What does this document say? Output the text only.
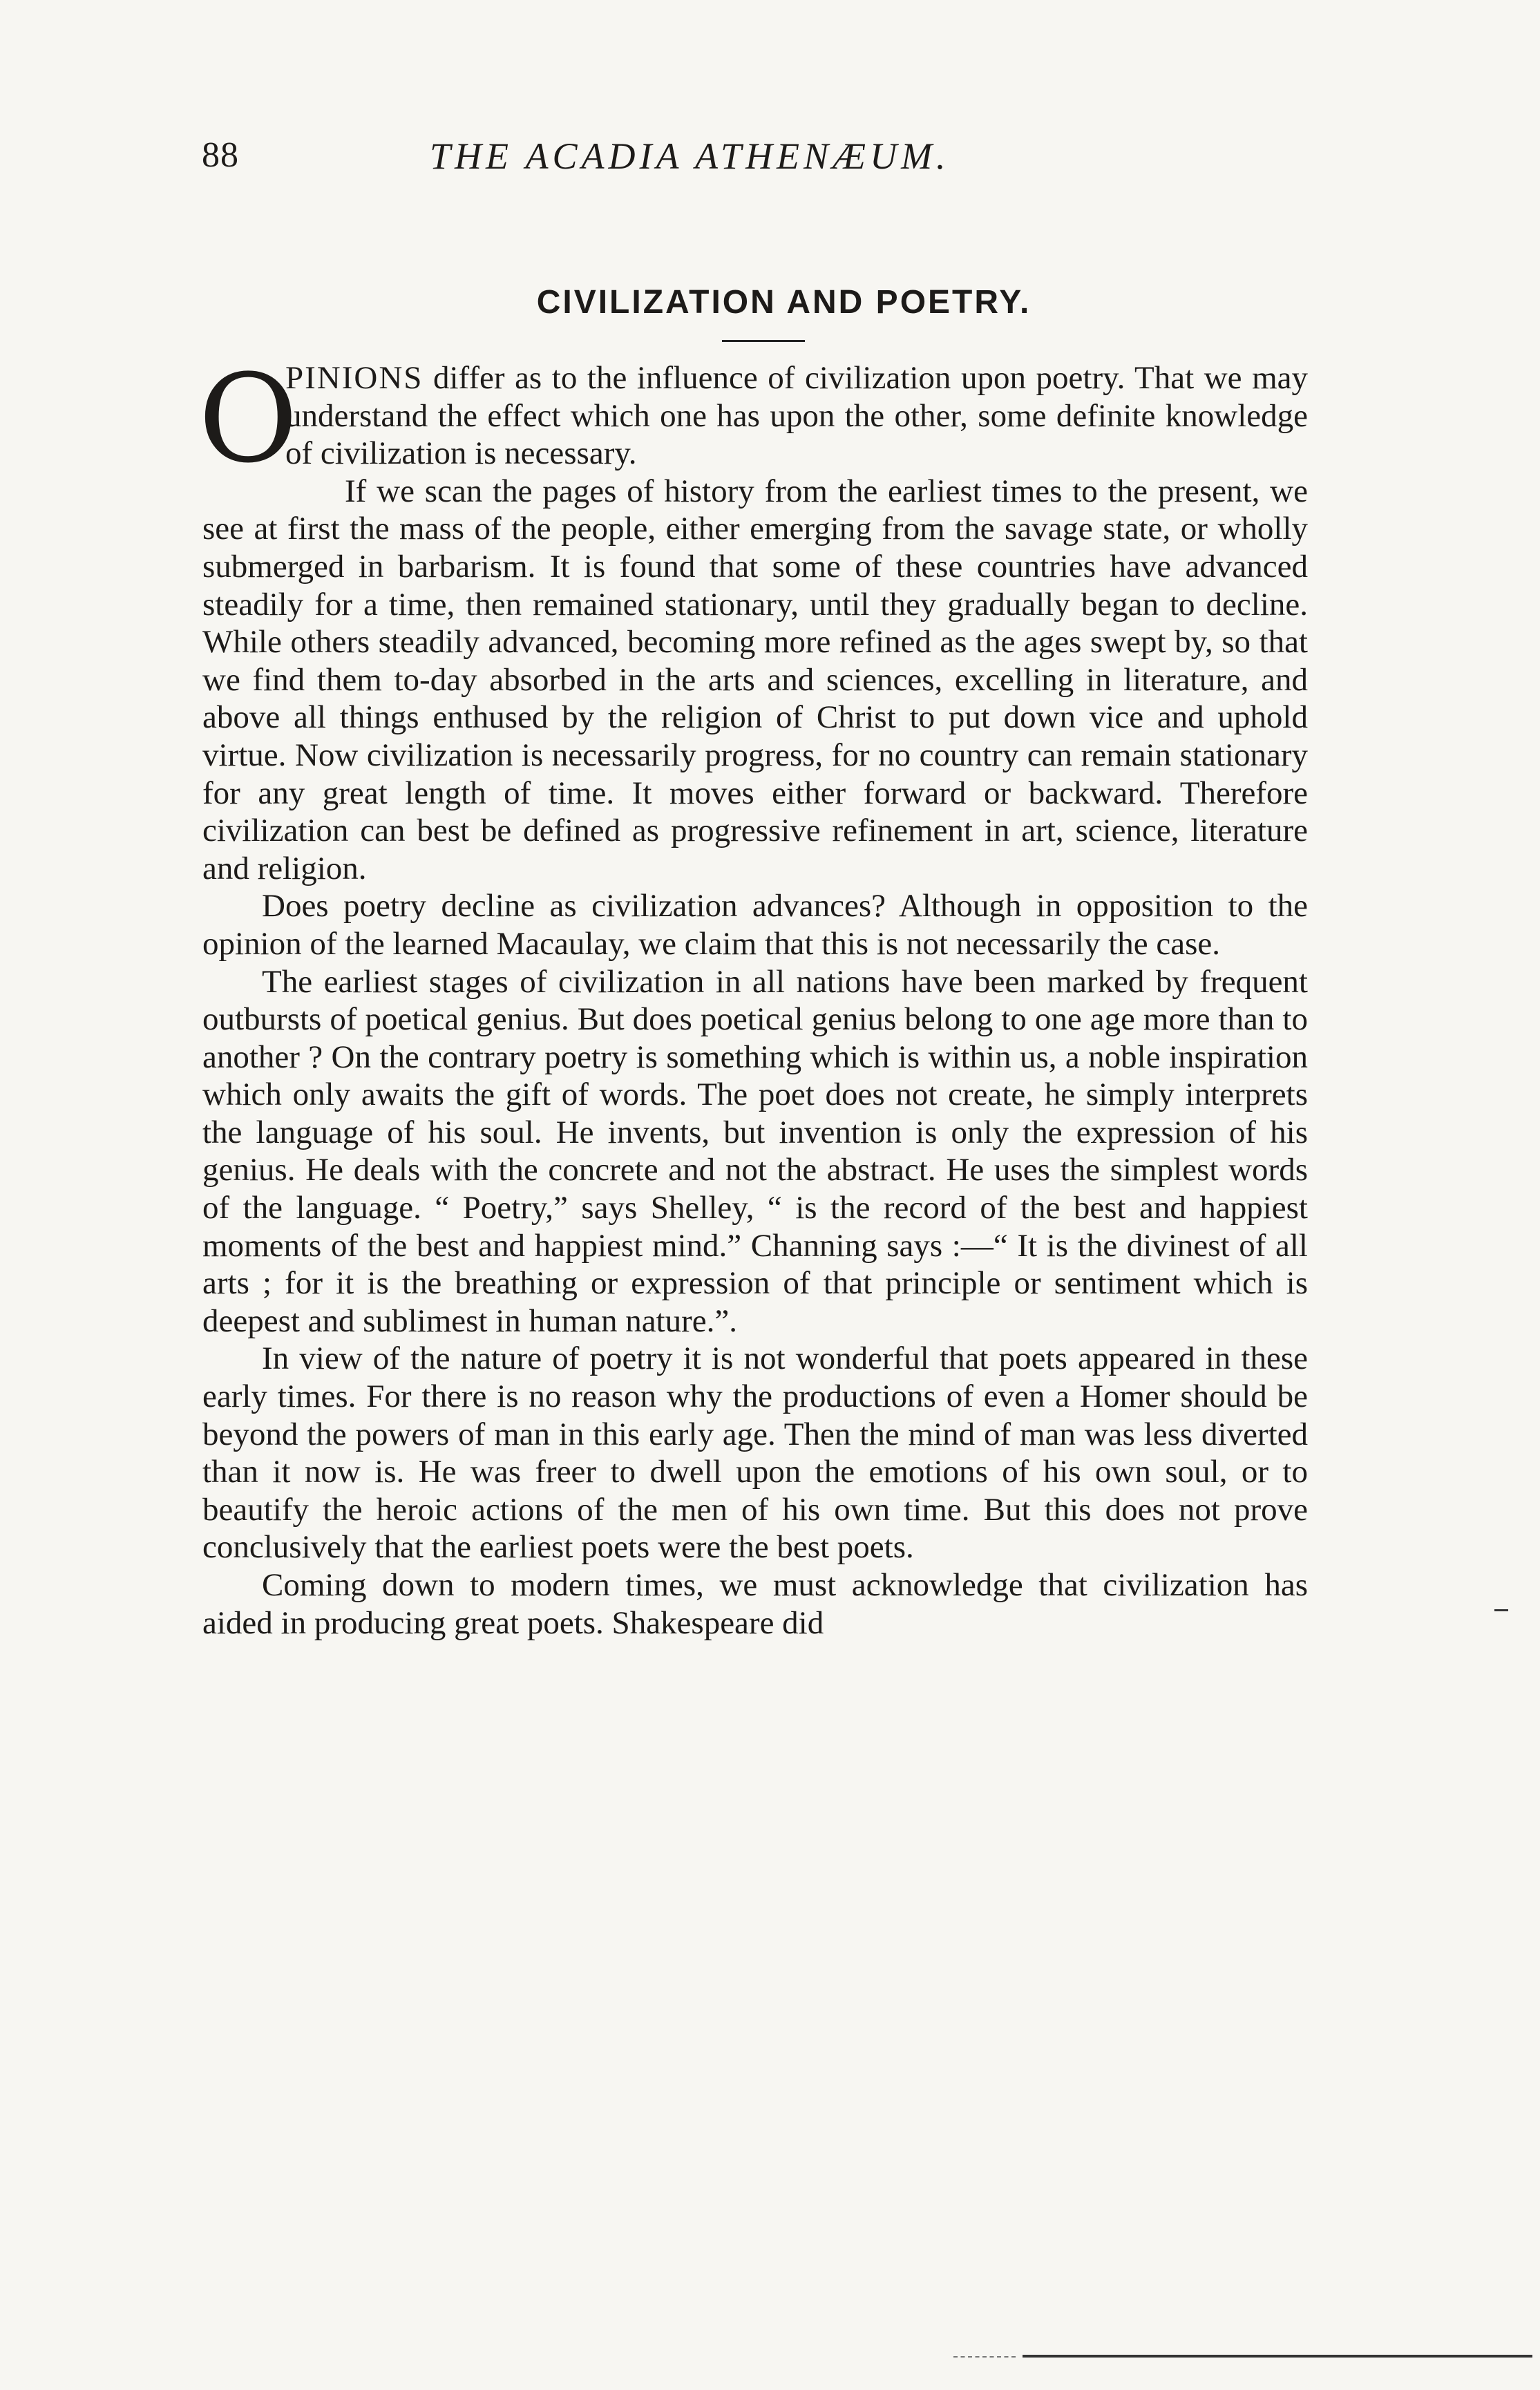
88	THE ACADIA ATHENÆUM.
CIVILIZATION AND POETRY.

O
PINIONS differ as to the influence of civilization upon poetry. That we may understand the effect which one has upon the other, some definite knowledge of civilization is necessary.

If we scan the pages of history from the earliest times to the present, we see at first the mass of the people, either emerging from the savage state, or wholly submerged in barbarism. It is found that some of these countries have advanced steadily for a time, then remained stationary, until they gradually began to decline. While others steadily advanced, becoming more refined as the ages swept by, so that we find them to-day absorbed in the arts and sciences, excelling in literature, and above all things enthused by the religion of Christ to put down vice and uphold virtue. Now civilization is necessarily progress, for no country can remain stationary for any great length of time. It moves either forward or backward. Therefore civilization can best be defined as progressive refinement in art, science, literature and religion.

Does poetry decline as civilization advances? Although in opposition to the opinion of the learned Macaulay, we claim that this is not necessarily the case.

The earliest stages of civilization in all nations have been marked by frequent outbursts of poetical genius. But does poetical genius belong to one age more than to another ? On the contrary poetry is something which is within us, a noble inspiration which only awaits the gift of words. The poet does not create, he simply interprets the language of his soul. He invents, but invention is only the expression of his genius. He deals with the concrete and not the abstract. He uses the simplest words of the language. “ Poetry,” says Shelley, “ is the record of the best and happiest moments of the best and happiest mind.” Channing says :—“ It is the divinest of all arts ; for it is the breathing or expression of that principle or sentiment which is deepest and sublimest in human nature.”.

In view of the nature of poetry it is not wonderful that poets appeared in these early times. For there is no reason why the productions of even a Homer should be beyond the powers of man in this early age. Then the mind of man was less diverted than it now is. He was freer to dwell upon the emotions of his own soul, or to beautify the heroic actions of the men of his own time. But this does not prove conclusively that the earliest poets were the best poets.

Coming down to modern times, we must acknowledge that civilization has aided in producing great poets. Shakespeare did
